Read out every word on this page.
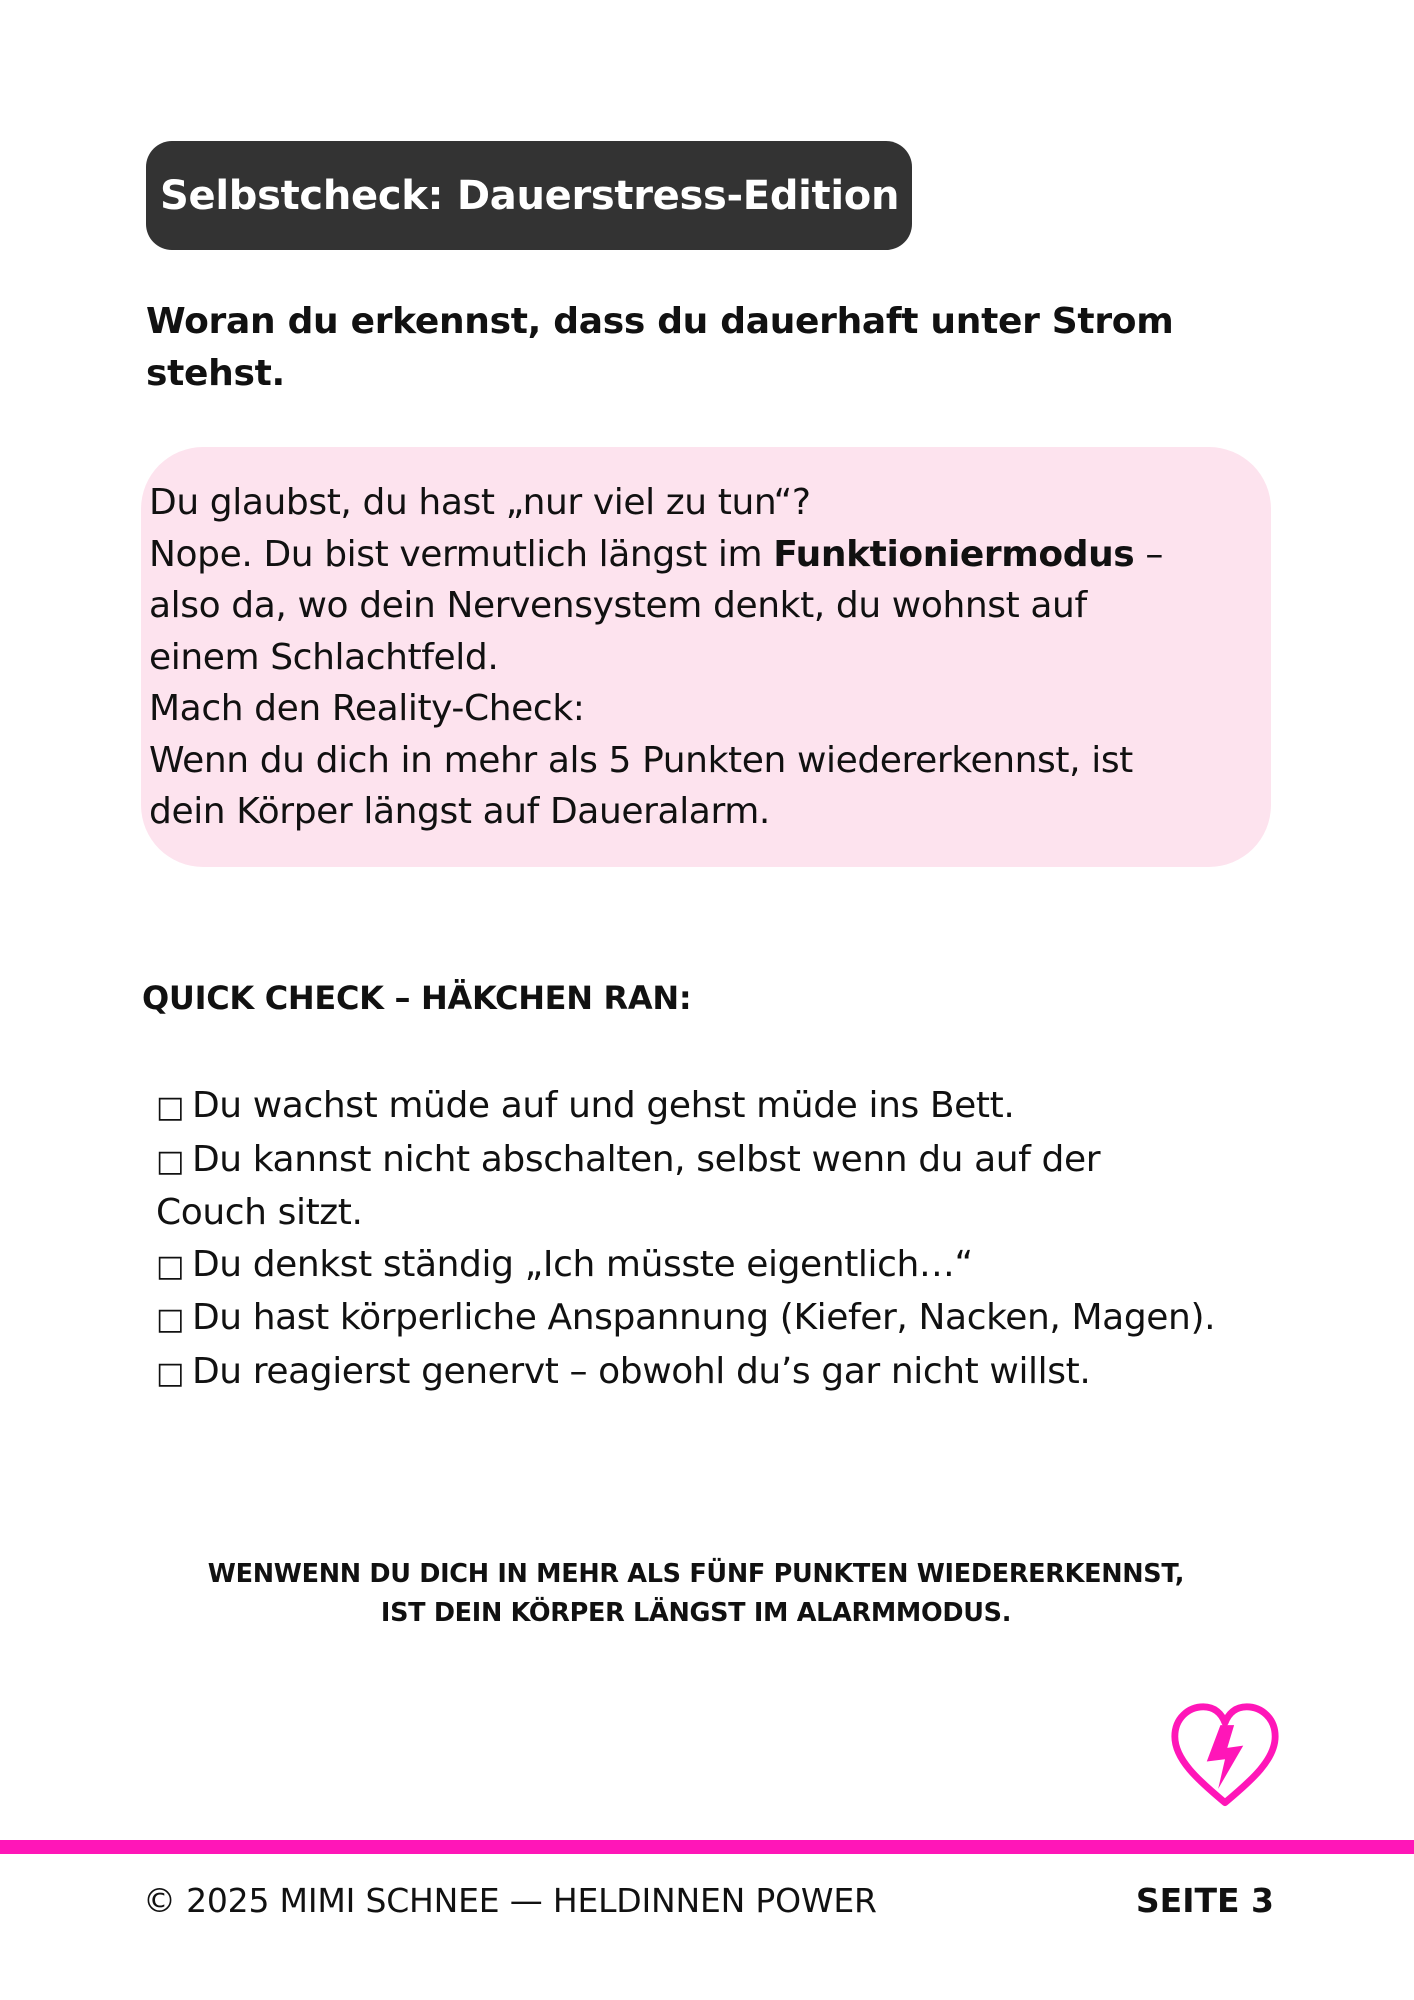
Selbstcheck: Dauerstress-Edition

Woran du erkennst, dass du dauerhaft unter Strom
stehst.

Du glaubst, du hast „nur viel zu tun“?

Nope. Du bist vermutlich längst im Funktioniermodus –

also da, wo dein Nervensystem denkt, du wohnst auf

einem Schlachtfeld.

Mach den Reality-Check:

Wenn du dich in mehr als 5 Punkten wiedererkennst, ist

dein Körper längst auf Daueralarm.

QUICK CHECK – HÄKCHEN RAN:

□ Du wachst müde auf und gehst müde ins Bett.
□ Du kannst nicht abschalten, selbst wenn du auf der Couch sitzt.
□ Du denkst ständig „Ich müsste eigentlich…“
□ Du hast körperliche Anspannung (Kiefer, Nacken, Magen).
□ Du reagierst genervt – obwohl du’s gar nicht willst.
WENWENN DU DICH IN MEHR ALS FÜNF PUNKTEN WIEDERERKENNST,
IST DEIN KÖRPER LÄNGST IM ALARMMODUS.
© 2025 MIMI SCHNEE — HELDINNEN POWER	SEITE 3
